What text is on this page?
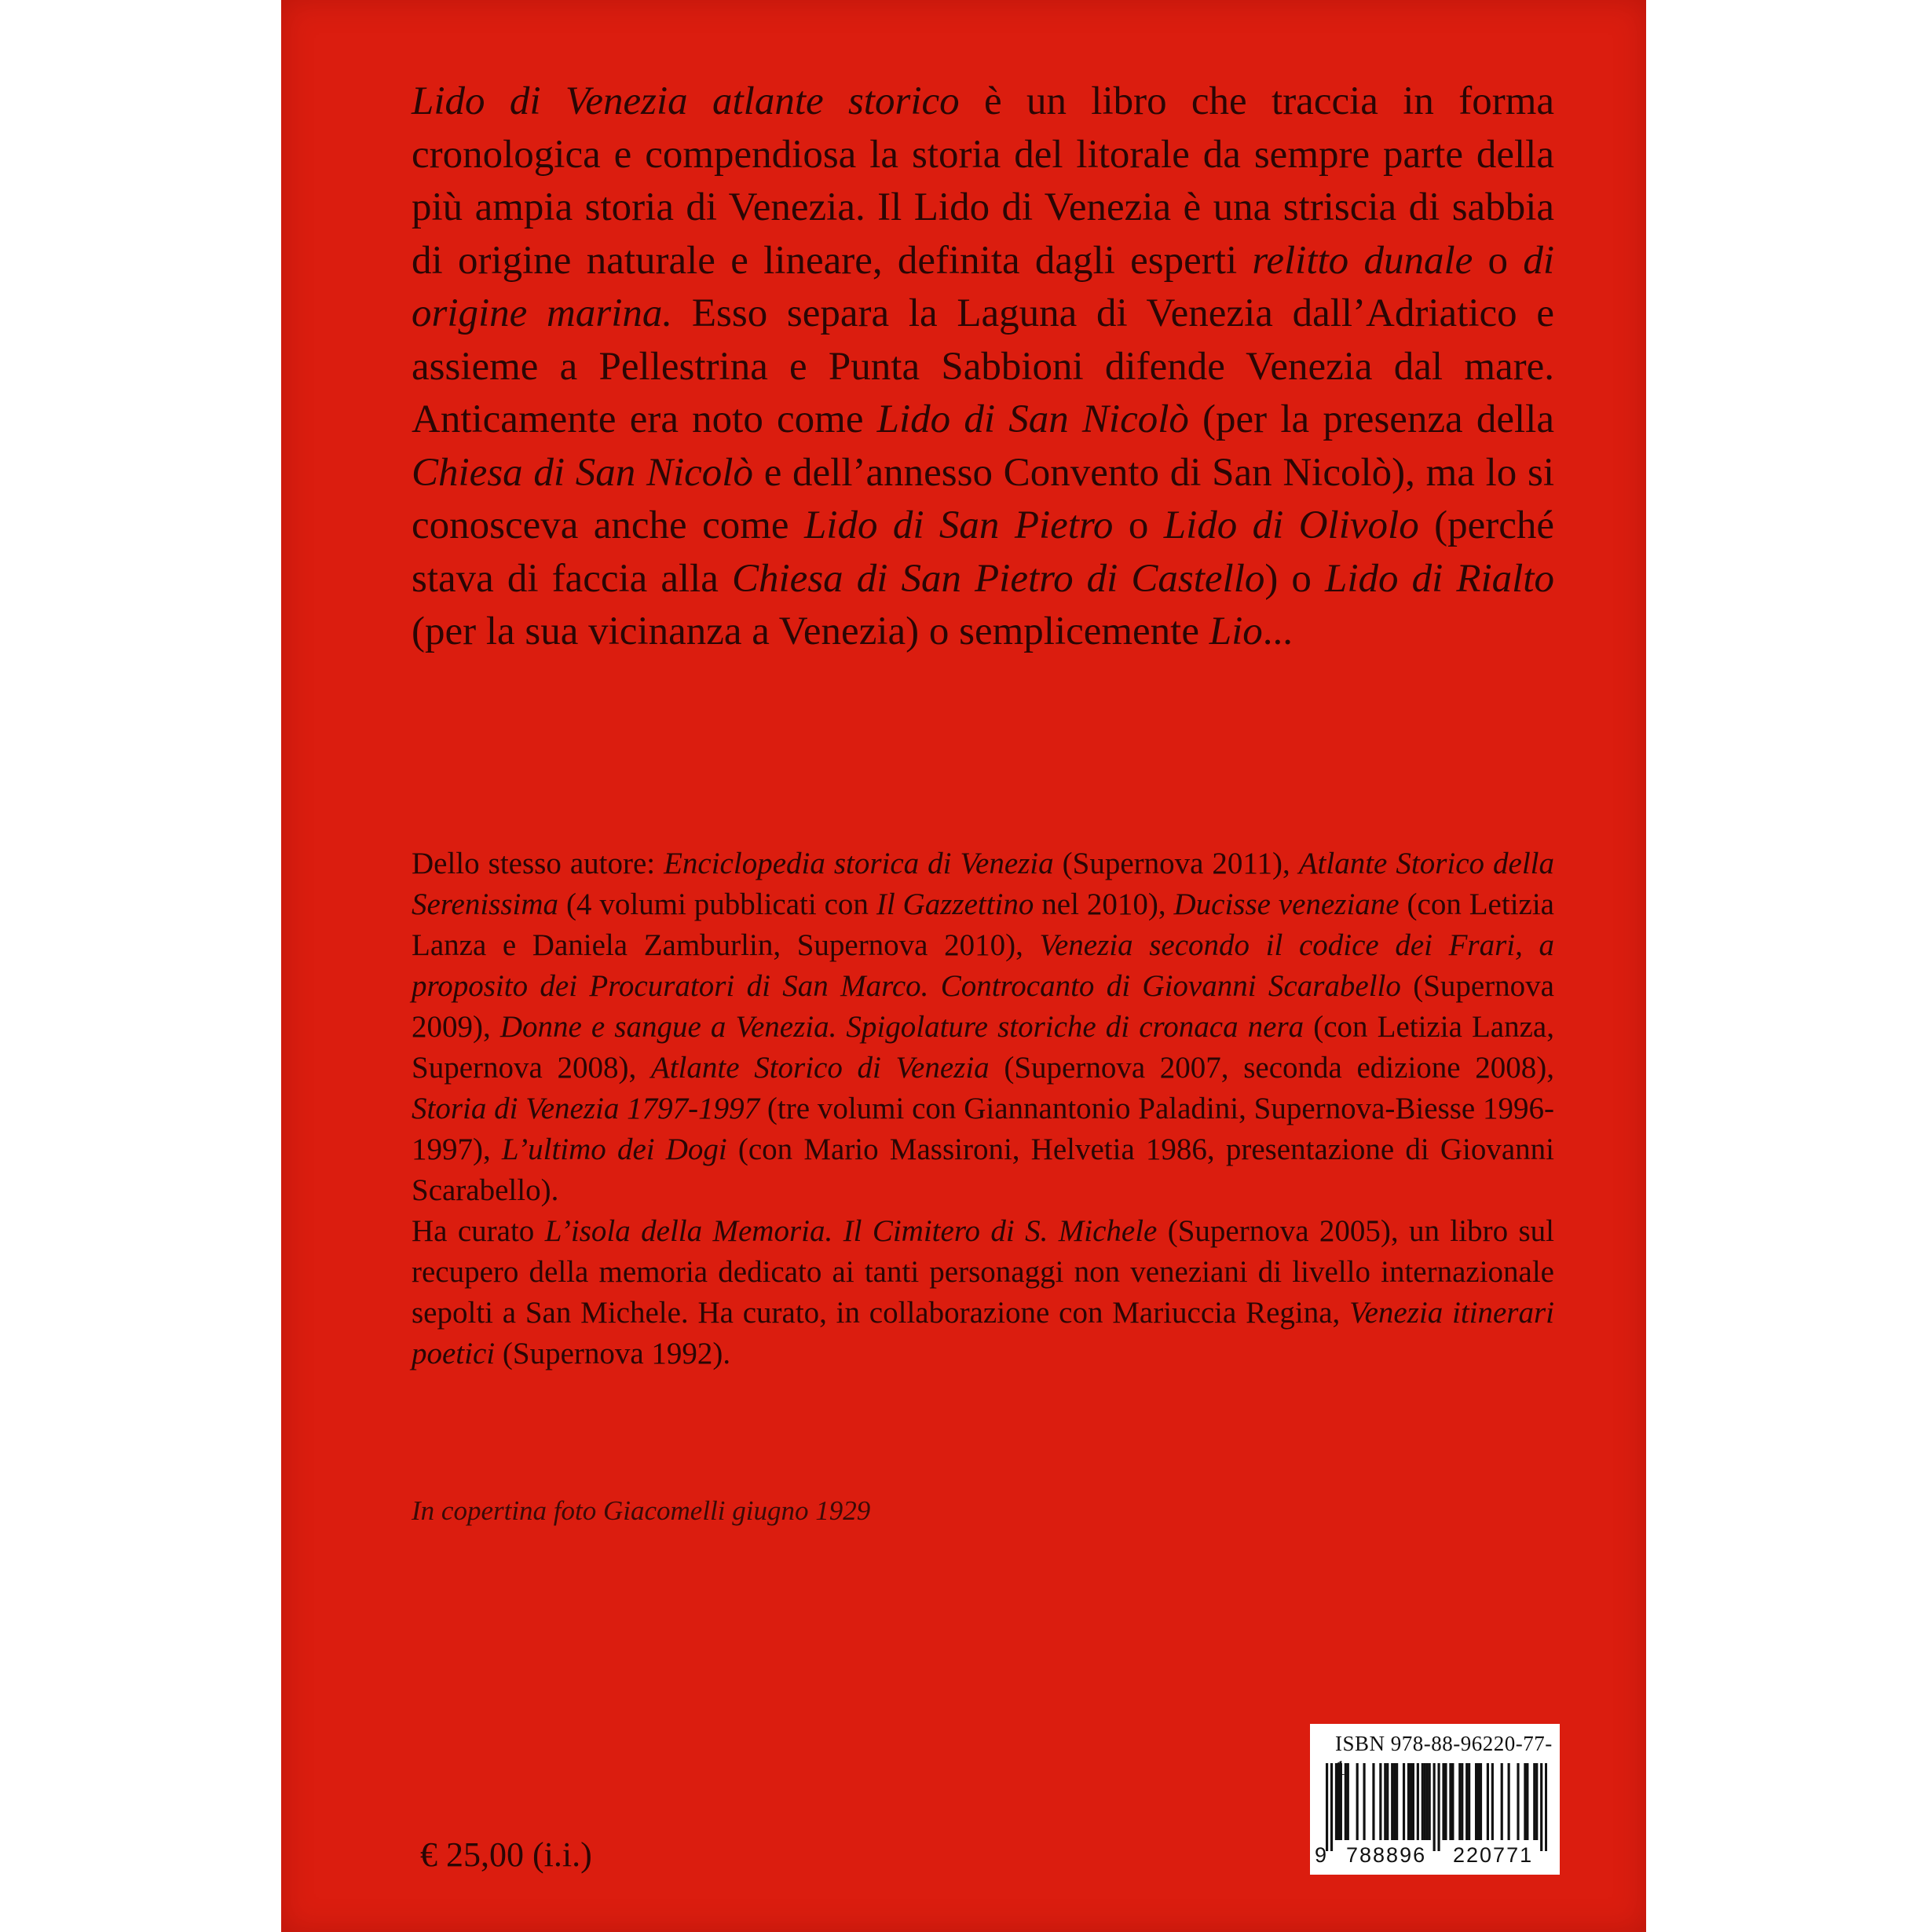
Lido di Venezia atlante storico è un libro che traccia in forma cronologica e compendiosa la storia del litorale da sempre parte della più ampia storia di Venezia. Il Lido di Venezia è una striscia di sabbia di origine naturale e lineare, definita dagli esperti relitto dunale o di origine marina. Esso separa la Laguna di Venezia dall’Adriatico e assieme a Pellestrina e Punta Sabbioni difende Venezia dal mare. Anticamente era noto come Lido di San Nicolò (per la presenza della Chiesa di San Nicolò e dell’annesso Convento di San Nicolò), ma lo si conosceva anche come Lido di San Pietro o Lido di Olivolo (perché stava di faccia alla Chiesa di San Pietro di Castello) o Lido di Rialto (per la sua vicinanza a Venezia) o semplicemente Lio...

Dello stesso autore: Enciclopedia storica di Venezia (Supernova 2011), Atlante Storico della Serenissima (4 volumi pubblicati con Il Gazzettino nel 2010), Ducisse veneziane (con Letizia Lanza e Daniela Zamburlin, Supernova 2010), Venezia secondo il codice dei Frari, a proposito dei Procuratori di San Marco. Controcanto di Giovanni Scarabello (Supernova 2009), Donne e sangue a Venezia. Spigolature storiche di cronaca nera (con Letizia Lanza, Supernova 2008), Atlante Storico di Venezia (Supernova 2007, seconda edizione 2008), Storia di Venezia 1797-1997 (tre volumi con Giannantonio Paladini, Supernova-Biesse 1996-1997), L’ultimo dei Dogi (con Mario Massironi, Helvetia 1986, presentazione di Giovanni Scarabello).

Ha curato L’isola della Memoria. Il Cimitero di S. Michele (Supernova 2005), un libro sul recupero della memoria dedicato ai tanti personaggi non veneziani di livello internazionale sepolti a San Michele. Ha curato, in collaborazione con Mariuccia Regina, Venezia itinerari poetici (Supernova 1992).

In copertina foto Giacomelli giugno 1929
€ 25,00 (i.i.)
ISBN 978-88-96220-77-
9 788896 220771
